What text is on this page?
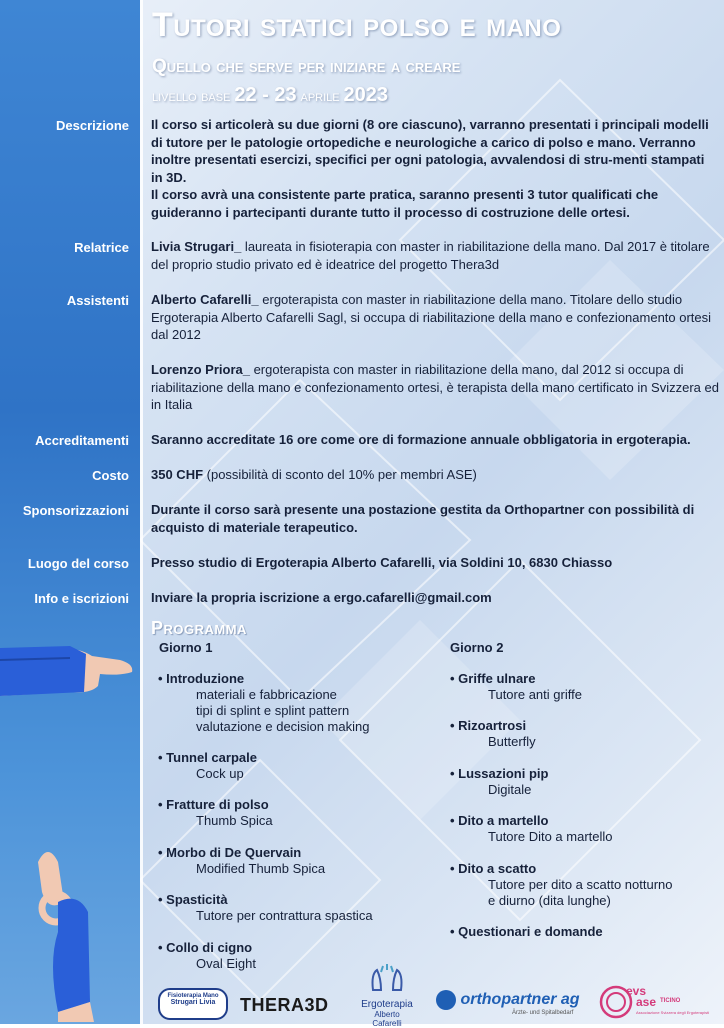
Tutori statici polso e mano
Quello che serve per iniziare a creare
livello base 22 - 23 aprile 2023
Descrizione Il corso si articolerà su due giorni (8 ore ciascuno), varranno presentati i principali modelli di tutore per le patologie ortopediche e neurologiche a carico di polso e mano. Verranno inoltre presentati esercizi, specifici per ogni patologia, avvalendosi di stru-menti stampati in 3D.

Il corso avrà una consistente parte pratica, saranno presenti 3 tutor qualificati che guideranno i partecipanti durante tutto il processo di costruzione delle ortesi.

Relatrice Livia Strugari_ laureata in fisioterapia con master in riabilitazione della mano. Dal 2017 è titolare del proprio studio privato ed è ideatrice del progetto Thera3d
Assistenti Alberto Cafarelli_ ergoterapista con master in riabilitazione della mano. Titolare dello studio Ergoterapia Alberto Cafarelli Sagl, si occupa di riabilitazione della mano e confezionamento ortesi dal 2012
Lorenzo Priora_ ergoterapista con master in riabilitazione della mano, dal 2012 si occupa di riabilitazione della mano e confezionamento ortesi, è terapista della mano certificato in Svizzera ed in Italia
Accreditamenti Saranno accreditate 16 ore come ore di formazione annuale obbligatoria in ergoterapia.
Costo 350 CHF (possibilità di sconto del 10% per membri ASE)
Sponsorizzazioni Durante il corso sarà presente una postazione gestita da Orthopartner con possibilità di acquisto di materiale terapeutico.
Luogo del corso Presso studio di Ergoterapia Alberto Cafarelli, via Soldini 10, 6830 Chiasso
Info e iscrizioni Inviare la propria iscrizione a ergo.cafarelli@gmail.com
Programma
Giorno 1	Giorno 2
• Introduzione
materiali e fabbricazione
tipi di splint e splint pattern
valutazione e decision making
• Tunnel carpale
Cock up
• Fratture di polso
Thumb Spica
• Morbo di De Quervain
Modified Thumb Spica
• Spasticità
Tutore per contrattura spastica
• Collo di cigno
Oval Eight
• Griffe ulnare
Tutore anti griffe
• Rizoartrosi
Butterfly
• Lussazioni pip
Digitale
• Dito a martello
Tutore Dito a martello
• Dito a scatto
Tutore per dito a scatto notturno
e diurno (dita lunghe)
• Questionari e domande
Fisioterapia Mano
Strugari Livia	THERA3D	Ergoterapia
Alberto Cafarelli
orthopartner ag
Ärzte- und Spitalbedarf
evs
ase TICINO
Associazione Svizzera degli Ergoterapisti
